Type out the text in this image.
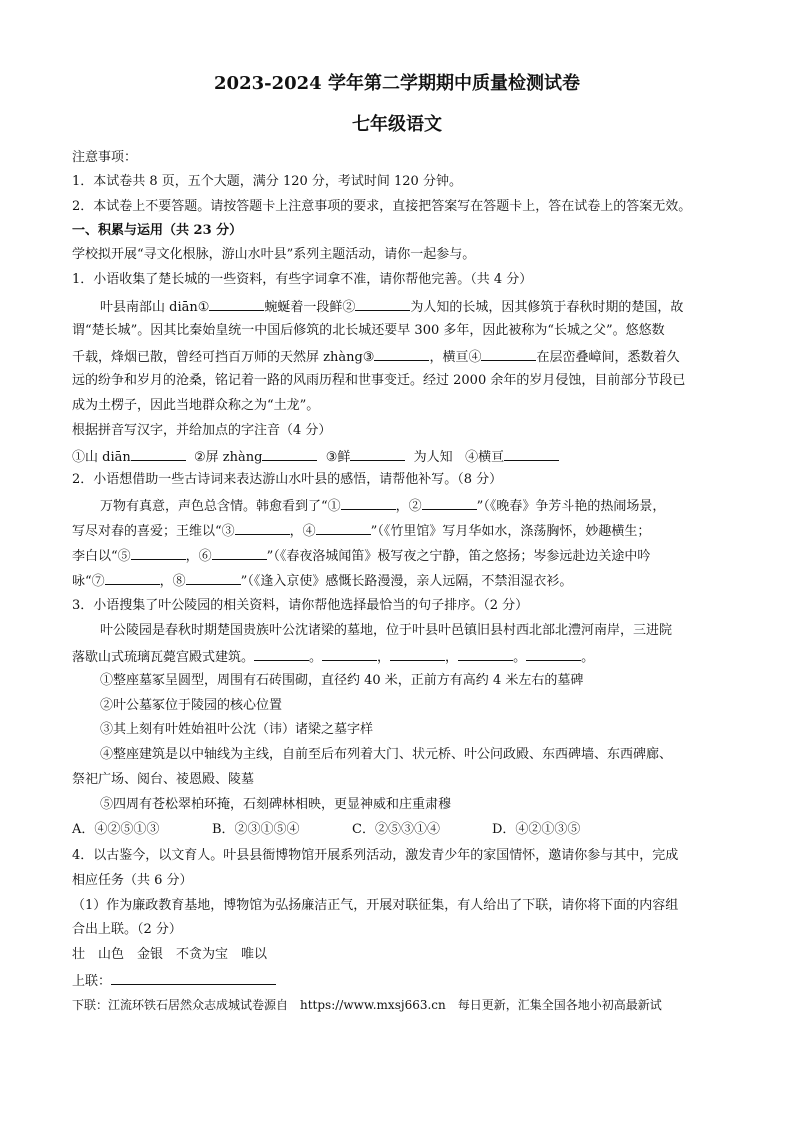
2023-2024 学年第二学期期中质量检测试卷
七年级语文
注意事项：
1．本试卷共 8 页，五个大题，满分 120 分，考试时间 120 分钟。
2．本试卷上不要答题。请按答题卡上注意事项的要求，直接把答案写在答题卡上，答在试卷上的答案无效。
一、积累与运用（共 23 分）
学校拟开展“寻文化根脉，游山水叶县”系列主题活动，请你一起参与。
1．小语收集了楚长城的一些资料，有些字词拿不准，请你帮他完善。（共 4 分）
叶县南部山 diān①	蜿蜒着一段鲜②	为人知的长城，因其修筑于春秋时期的楚国，故
谓“楚长城”。因其比秦始皇统一中国后修筑的北长城还要早 300 多年，因此被称为“长城之父”。悠悠数
千载，烽烟已散，曾经可挡百万师的天然屏 zhàng③	，横亘④	在层峦叠嶂间，悉数着久
远的纷争和岁月的沧桑，铭记着一路的风雨历程和世事变迁。经过 2000 余年的岁月侵蚀，目前部分节段已
成为土楞子，因此当地群众称之为“土龙”。
根据拼音写汉字，并给加点的字注音（4 分）
①山 diān	②屏 zhàng	③鲜	为人知 ④横亘
2．小语想借助一些古诗词来表达游山水叶县的感悟，请帮他补写。（8 分）
万物有真意，声色总含情。韩愈看到了“①	，②	”（《晚春》争芳斗艳的热闹场景，
写尽对春的喜爱；王维以“③	，④	”（《竹里馆》写月华如水，涤荡胸怀，妙趣横生；
李白以“⑤	，⑥	”（《春夜洛城闻笛》极写夜之宁静，笛之悠扬；岑参远赴边关途中吟
咏“⑦	，⑧	”（《逢入京使》感慨长路漫漫，亲人远隔，不禁泪湿衣衫。
3．小语搜集了叶公陵园的相关资料，请你帮他选择最恰当的句子排序。（2 分）
叶公陵园是春秋时期楚国贵族叶公沈诸梁的墓地，位于叶县叶邑镇旧县村西北部北澧河南岸，三进院
落歇山式琉璃瓦薨宫殿式建筑。	。	，	，	。	。
①整座墓冢呈圆型，周围有石砖围砌，直径约 40 米，正前方有高约 4 米左右的墓碑
②叶公墓冢位于陵园的核心位置
③其上刻有叶姓始祖叶公沈（讳）诸梁之墓字样
④整座建筑是以中轴线为主线，自前至后布列着大门、状元桥、叶公问政殿、东西碑墙、东西碑廊、
祭祀广场、阅台、祾恩殿、陵墓
⑤四周有苍松翠柏环掩，石刻碑林相映，更显神威和庄重肃穆
A．④②⑤①③	B．②③①⑤④	C．②⑤③①④	D．④②①③⑤
4．以古鉴今，以文育人。叶县县衙博物馆开展系列活动，激发青少年的家国情怀，邀请你参与其中，完成
相应任务（共 6 分）
（1）作为廉政教育基地，博物馆为弘扬廉洁正气，开展对联征集，有人给出了下联，请你将下面的内容组
合出上联。（2 分）
壮　山色　金银　不贪为宝　唯以
上联：
下联：江流环铁石居然众志成城试卷源自　https://www.mxsj663.cn　每日更新，汇集全国各地小初高最新试
